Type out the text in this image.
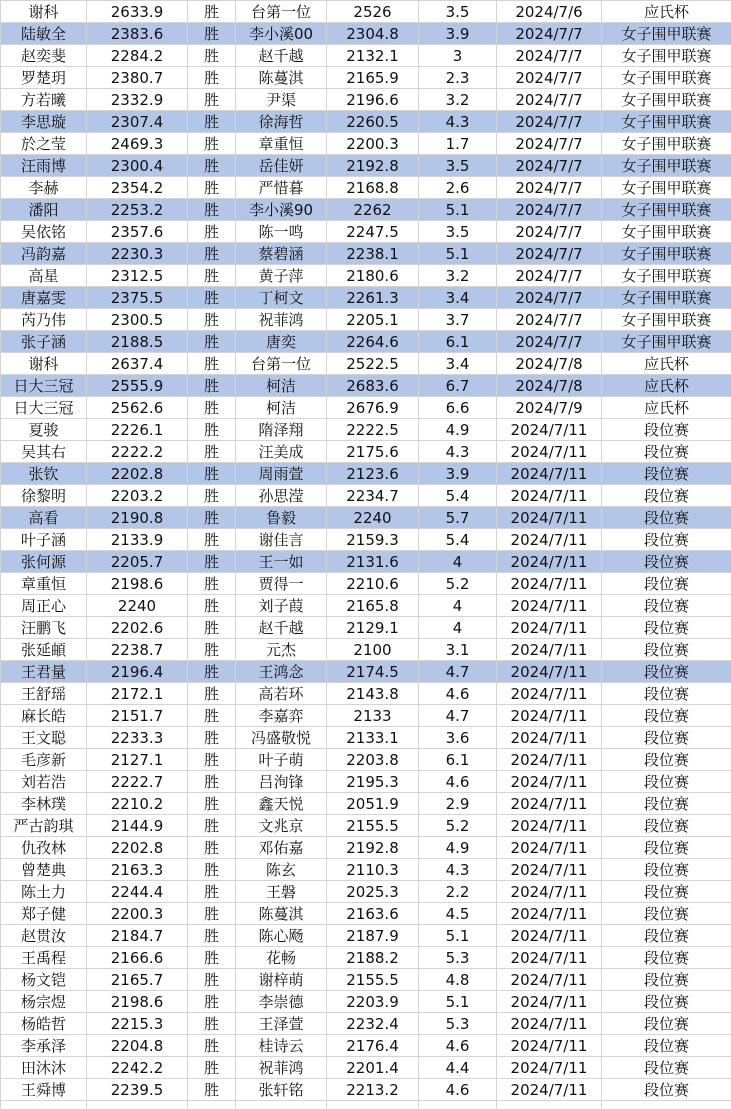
谢科	2633.9	胜	台第一位	2526	3.5	2024/7/6	应氏杯
陆敏全	2383.6	胜	李小溪00	2304.8	3.9	2024/7/7	女子围甲联赛
赵奕斐	2284.2	胜	赵千越	2132.1	3	2024/7/7	女子围甲联赛
罗楚玥	2380.7	胜	陈蔓淇	2165.9	2.3	2024/7/7	女子围甲联赛
方若曦	2332.9	胜	尹渠	2196.6	3.2	2024/7/7	女子围甲联赛
李思璇	2307.4	胜	徐海哲	2260.5	4.3	2024/7/7	女子围甲联赛
於之莹	2469.3	胜	章重恒	2200.3	1.7	2024/7/7	女子围甲联赛
汪雨博	2300.4	胜	岳佳妍	2192.8	3.5	2024/7/7	女子围甲联赛
李赫	2354.2	胜	严惜暮	2168.8	2.6	2024/7/7	女子围甲联赛
潘阳	2253.2	胜	李小溪90	2262	5.1	2024/7/7	女子围甲联赛
吴依铭	2357.6	胜	陈一鸣	2247.5	3.5	2024/7/7	女子围甲联赛
冯韵嘉	2230.3	胜	蔡碧涵	2238.1	5.1	2024/7/7	女子围甲联赛
高星	2312.5	胜	黄子萍	2180.6	3.2	2024/7/7	女子围甲联赛
唐嘉雯	2375.5	胜	丁柯文	2261.3	3.4	2024/7/7	女子围甲联赛
芮乃伟	2300.5	胜	祝菲鸿	2205.1	3.7	2024/7/7	女子围甲联赛
张子涵	2188.5	胜	唐奕	2264.6	6.1	2024/7/7	女子围甲联赛
谢科	2637.4	胜	台第一位	2522.5	3.4	2024/7/8	应氏杯
日大三冠	2555.9	胜	柯洁	2683.6	6.7	2024/7/8	应氏杯
日大三冠	2562.6	胜	柯洁	2676.9	6.6	2024/7/9	应氏杯
夏骏	2226.1	胜	隋泽翔	2222.5	4.9	2024/7/11	段位赛
吴其右	2222.2	胜	汪美成	2175.6	4.3	2024/7/11	段位赛
张钦	2202.8	胜	周雨萱	2123.6	3.9	2024/7/11	段位赛
徐黎明	2203.2	胜	孙思滢	2234.7	5.4	2024/7/11	段位赛
高看	2190.8	胜	鲁毅	2240	5.7	2024/7/11	段位赛
叶子涵	2133.9	胜	谢佳言	2159.3	5.4	2024/7/11	段位赛
张何源	2205.7	胜	王一如	2131.6	4	2024/7/11	段位赛
章重恒	2198.6	胜	贾得一	2210.6	5.2	2024/7/11	段位赛
周正心	2240	胜	刘子葭	2165.8	4	2024/7/11	段位赛
汪鹏飞	2202.6	胜	赵千越	2129.1	4	2024/7/11	段位赛
张延頔	2238.7	胜	元杰	2100	3.1	2024/7/11	段位赛
王君量	2196.4	胜	王鸿念	2174.5	4.7	2024/7/11	段位赛
王舒瑶	2172.1	胜	高若环	2143.8	4.6	2024/7/11	段位赛
麻长皓	2151.7	胜	李嘉弈	2133	4.7	2024/7/11	段位赛
王文聪	2233.3	胜	冯盛敬悦	2133.1	3.6	2024/7/11	段位赛
毛彦新	2127.1	胜	叶子萌	2203.8	6.1	2024/7/11	段位赛
刘若浩	2222.7	胜	吕洵锋	2195.3	4.6	2024/7/11	段位赛
李林璞	2210.2	胜	鑫天悦	2051.9	2.9	2024/7/11	段位赛
严古韵琪	2144.9	胜	文兆京	2155.5	5.2	2024/7/11	段位赛
仇孜林	2202.8	胜	邓佑嘉	2192.8	4.9	2024/7/11	段位赛
曾楚典	2163.3	胜	陈玄	2110.3	4.3	2024/7/11	段位赛
陈土力	2244.4	胜	王磐	2025.3	2.2	2024/7/11	段位赛
郑子健	2200.3	胜	陈蔓淇	2163.6	4.5	2024/7/11	段位赛
赵贯汝	2184.7	胜	陈心飏	2187.9	5.1	2024/7/11	段位赛
王禹程	2166.6	胜	花畅	2188.2	5.3	2024/7/11	段位赛
杨文铠	2165.7	胜	谢梓萌	2155.5	4.8	2024/7/11	段位赛
杨宗煜	2198.6	胜	李崇德	2203.9	5.1	2024/7/11	段位赛
杨皓哲	2215.3	胜	王泽萱	2232.4	5.3	2024/7/11	段位赛
李承泽	2204.8	胜	桂诗云	2176.4	4.6	2024/7/11	段位赛
田沐沐	2242.2	胜	祝菲鸿	2201.4	4.4	2024/7/11	段位赛
王舜博	2239.5	胜	张轩铭	2213.2	4.6	2024/7/11	段位赛
